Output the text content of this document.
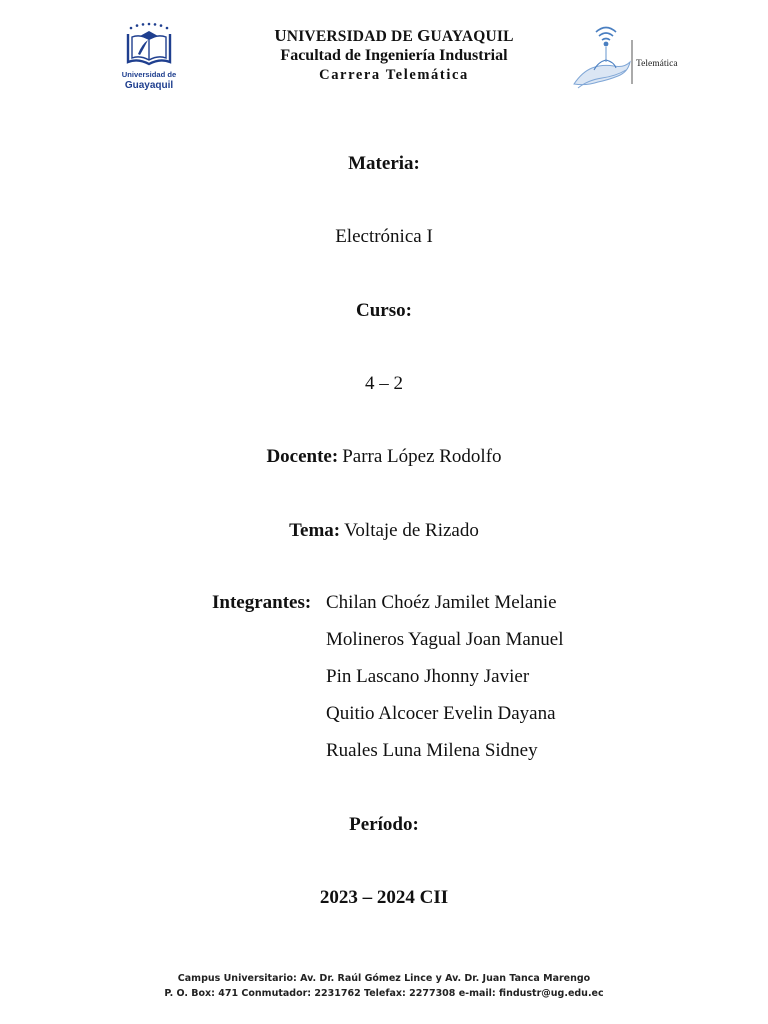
Universidad de
Guayaquil
UNIVERSIDAD DE GUAYAQUIL
Facultad de Ingeniería Industrial
Carrera Telemática
Telemática
Materia:
Electrónica I
Curso:
4 – 2
Docente: Parra López Rodolfo
Tema: Voltaje de Rizado
Integrantes: Chilan Choéz Jamilet Melanie
Molineros Yagual Joan Manuel
Pin Lascano Jhonny Javier
Quitio Alcocer Evelin Dayana
Ruales Luna Milena Sidney
Período:
2023 – 2024 CII
Campus Universitario: Av. Dr. Raúl Gómez Lince y Av. Dr. Juan Tanca Marengo
P. O. Box: 471 Conmutador: 2231762 Telefax: 2277308 e-mail: findustr@ug.edu.ec
